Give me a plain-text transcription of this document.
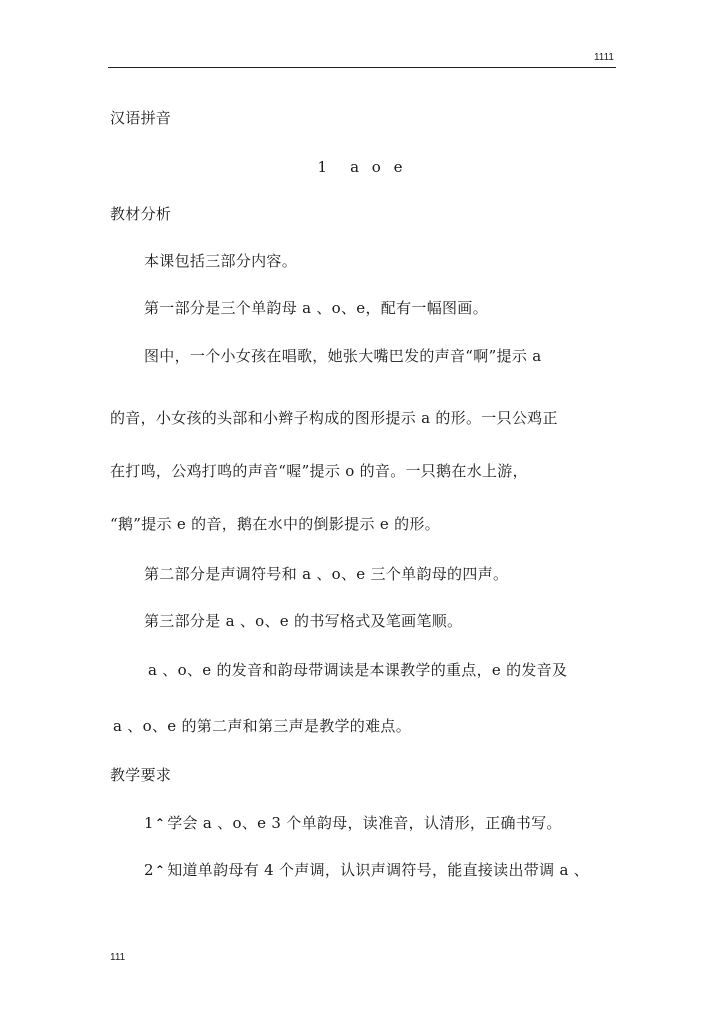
1111
汉语拼音
1　a o e
教材分析
本课包括三部分内容。
第一部分是三个单韵母 a 、o、e，配有一幅图画。
图中，一个小女孩在唱歌，她张大嘴巴发的声音“啊”提示 a
的音，小女孩的头部和小辫子构成的图形提示 a 的形。一只公鸡正
在打鸣，公鸡打鸣的声音“喔”提示 o 的音。一只鹅在水上游，
“鹅”提示 e 的音，鹅在水中的倒影提示 e 的形。
第二部分是声调符号和 a 、o、e 三个单韵母的四声。
第三部分是 a 、o、e 的书写格式及笔画笔顺。
a 、o、e 的发音和韵母带调读是本课教学的重点，e 的发音及
a 、o、e 的第二声和第三声是教学的难点。
教学要求
1⌃ 学会 a 、o、e 3 个单韵母，读准音，认清形，正确书写。
2⌃ 知道单韵母有 4 个声调，认识声调符号，能直接读出带调 a 、
111
